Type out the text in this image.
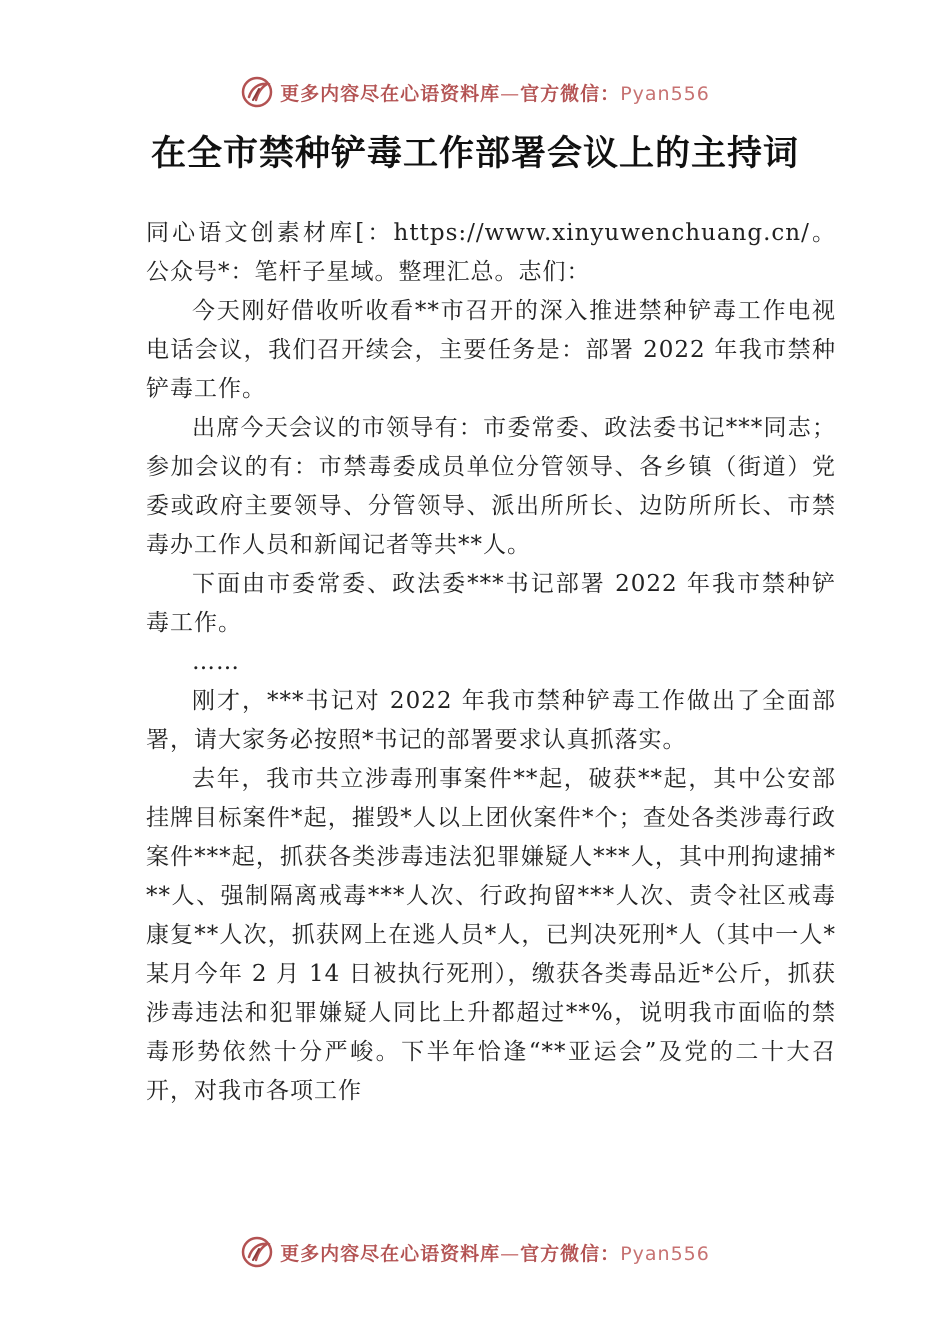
更多内容尽在心语资料库—官方微信：Pyan556
在全市禁种铲毒工作部署会议上的主持词

同心语文创素材库[：https://www.xinyuwenchuang.cn/。公众号*：笔杆子星域。整理汇总。志们：

今天刚好借收听收看**市召开的深入推进禁种铲毒工作电视电话会议，我们召开续会，主要任务是：部署 2022 年我市禁种铲毒工作。

出席今天会议的市领导有：市委常委、政法委书记***同志；参加会议的有：市禁毒委成员单位分管领导、各乡镇（街道）党委或政府主要领导、分管领导、派出所所长、边防所所长、市禁毒办工作人员和新闻记者等共**人。

下面由市委常委、政法委***书记部署 2022 年我市禁种铲毒工作。

……

刚才，***书记对 2022 年我市禁种铲毒工作做出了全面部署，请大家务必按照*书记的部署要求认真抓落实。

去年，我市共立涉毒刑事案件**起，破获**起，其中公安部挂牌目标案件*起，摧毁*人以上团伙案件*个；查处各类涉毒行政案件***起，抓获各类涉毒违法犯罪嫌疑人***人，其中刑拘逮捕***人、强制隔离戒毒***人次、行政拘留***人次、责令社区戒毒康复**人次，抓获网上在逃人员*人，已判决死刑*人（其中一人*某月今年 2 月 14 日被执行死刑），缴获各类毒品近*公斤，抓获涉毒违法和犯罪嫌疑人同比上升都超过**%，说明我市面临的禁毒形势依然十分严峻。下半年恰逢“**亚运会”及党的二十大召开，对我市各项工作

更多内容尽在心语资料库—官方微信：Pyan556
